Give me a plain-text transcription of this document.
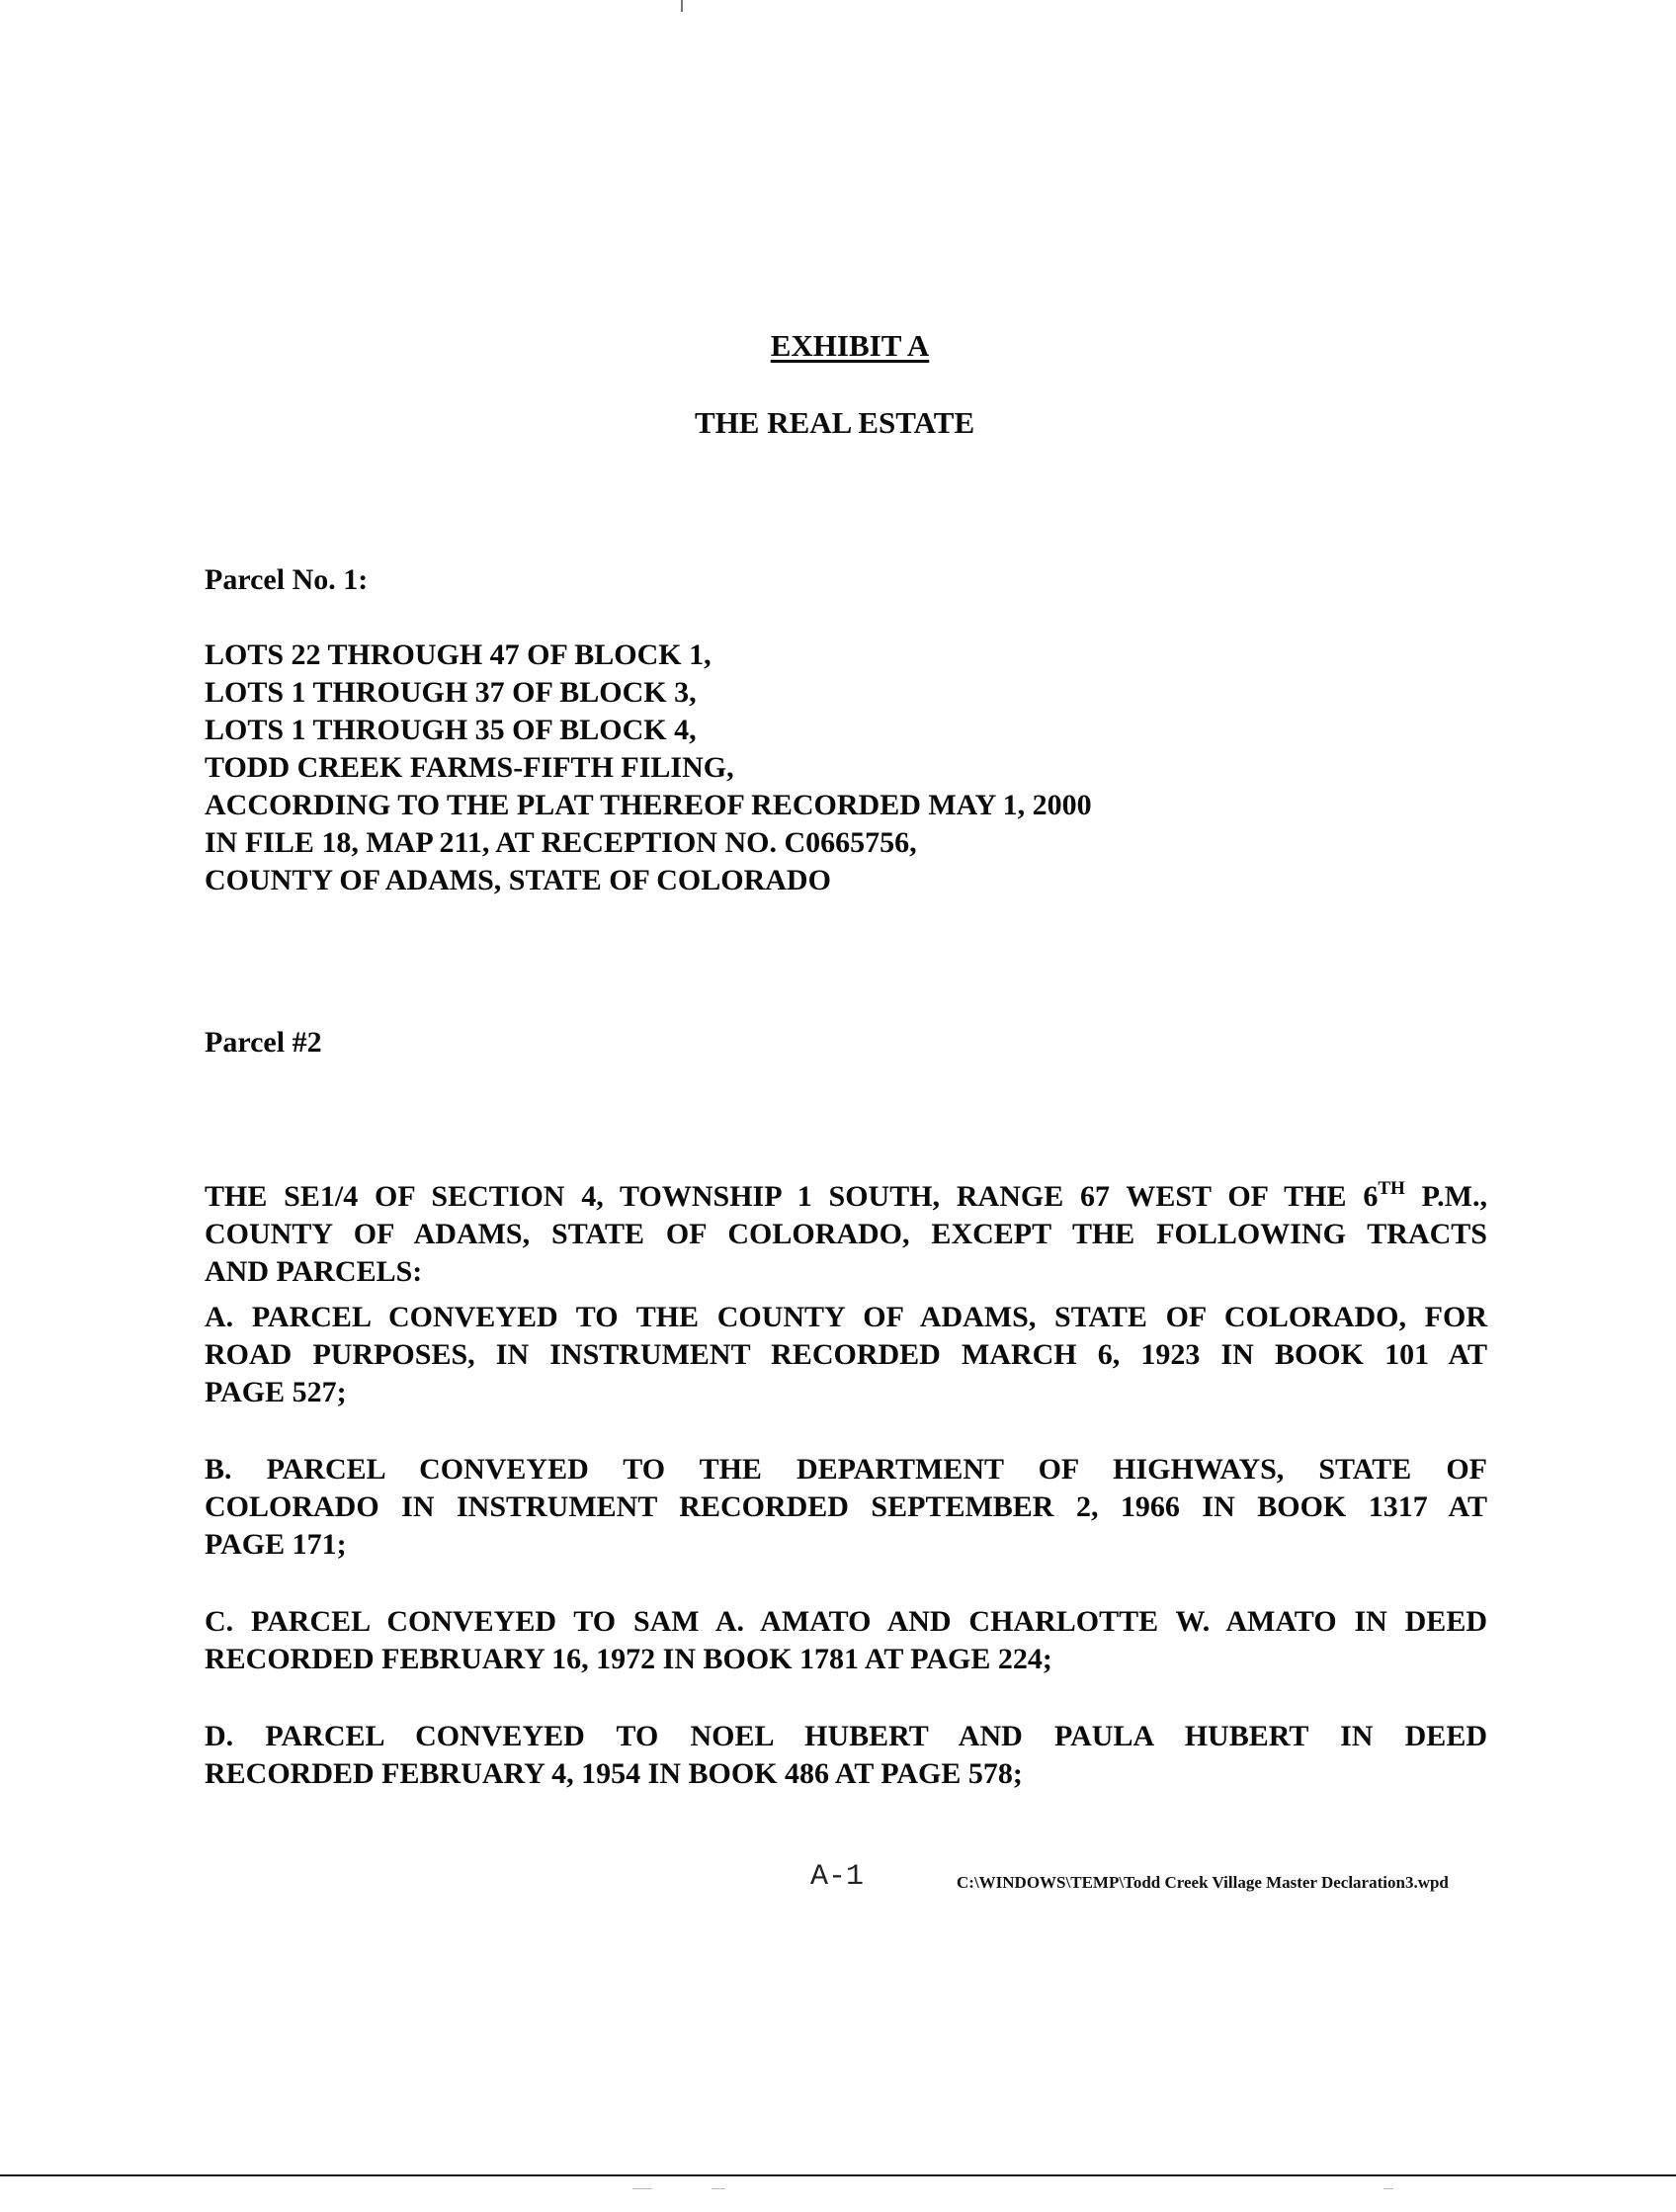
EXHIBIT A
THE REAL ESTATE
Parcel No. 1:
LOTS 22 THROUGH 47 OF BLOCK 1,
LOTS 1 THROUGH 37 OF BLOCK 3,
LOTS 1 THROUGH 35 OF BLOCK 4,
TODD CREEK FARMS-FIFTH FILING,
ACCORDING TO THE PLAT THEREOF RECORDED MAY 1, 2000
IN FILE 18, MAP 211, AT RECEPTION NO. C0665756,
COUNTY OF ADAMS, STATE OF COLORADO
Parcel #2
THE SE1/4 OF SECTION 4, TOWNSHIP 1 SOUTH, RANGE 67 WEST OF THE 6TH P.M.,
COUNTY OF ADAMS, STATE OF COLORADO, EXCEPT THE FOLLOWING TRACTS
AND PARCELS:
A. PARCEL CONVEYED TO THE COUNTY OF ADAMS, STATE OF COLORADO, FOR
ROAD PURPOSES, IN INSTRUMENT RECORDED MARCH 6, 1923 IN BOOK 101 AT
PAGE 527;
B. PARCEL CONVEYED TO THE DEPARTMENT OF HIGHWAYS, STATE OF
COLORADO IN INSTRUMENT RECORDED SEPTEMBER 2, 1966 IN BOOK 1317 AT
PAGE 171;
C. PARCEL CONVEYED TO SAM A. AMATO AND CHARLOTTE W. AMATO IN DEED
RECORDED FEBRUARY 16, 1972 IN BOOK 1781 AT PAGE 224;
D. PARCEL CONVEYED TO NOEL HUBERT AND PAULA HUBERT IN DEED
RECORDED FEBRUARY 4, 1954 IN BOOK 486 AT PAGE 578;
A-1	C:\WINDOWS\TEMP\Todd Creek Village Master Declaration3.wpd
